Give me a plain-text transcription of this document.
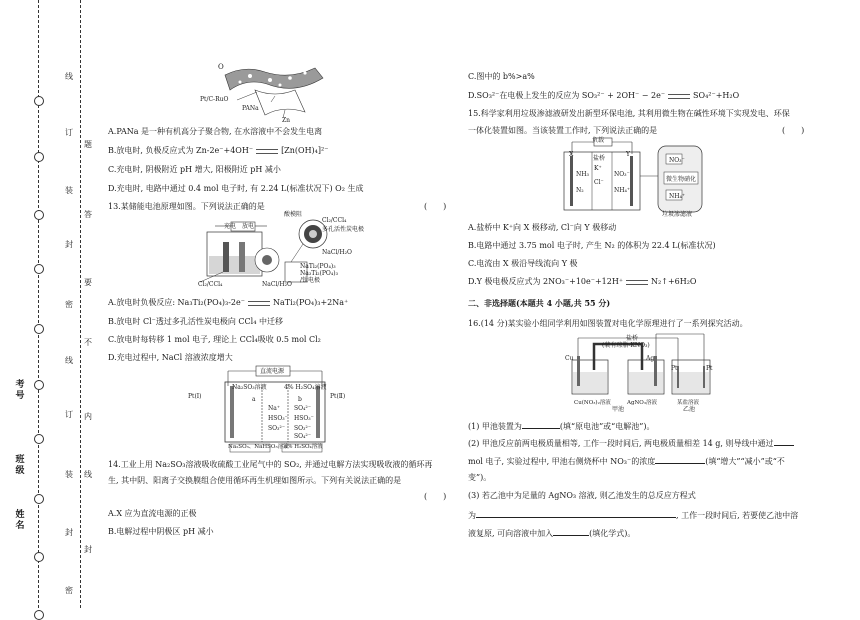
班级
姓名
考号
线
订
装
封
密
线
订
装
封
密
题
答
要
不
内
线
封
O
Pt/C-RuO
PANa
Zn
A.PANa 是一种有机高分子聚合物, 在水溶液中不会发生电离
B.放电时, 负极反应式为 Zn-2e⁻+4OH⁻	[Zn(OH)₄]²⁻
C.充电时, 阴极附近 pH 增大, 阳极附近 pH 减小
D.充电时, 电路中通过 0.4 mol 电子时, 有 2.24 L(标准状况下) O₂ 生成
13.某储能电池原理如图。下列说法正确的是	(　　)
充电 放电
酸模阻
Cl₂/CCl₄
多孔活性炭电极
NaCl/H₂O
NaTi₂(PO₄)₃
Na₃Ti₂(PO₄)₃
/钛电极
Cl₂/CCl₄	NaCl/H₂O
A.放电时负极反应: Na₃Ti₂(PO₄)₃-2e⁻	NaTi₂(PO₄)₃+2Na⁺
B.放电时 Cl⁻透过多孔活性炭电极向 CCl₄ 中迁移
C.放电时每转移 1 mol 电子, 理论上 CCl₄吸收 0.5 mol Cl₂
D.充电过程中, NaCl 溶液浓度增大
直流电源
Na₂SO₃溶液	4% H₂SO₄溶液
Pt(Ⅰ)	Pt(Ⅱ)
a	b
Na⁺ SO₄²⁻
HSO₃⁻ HSO₃⁻
SO₃²⁻ SO₃²⁻
SO₄²⁻
Na₂SO₃、NaHSO₃溶液
a% H₂SO₄溶液
14.工业上用 Na₂SO₃溶液吸收硫酸工业尾气中的 SO₂, 并通过电解方法实现吸收液的循环再
生, 其中阴、阳离子交换膜组合使用循环再生机理如图所示。下列有关说法正确的是
(　　)
A.X 应为直流电源的正极
B.电解过程中阴极区 pH 减小
C.图中的 b%>a%
D.SO₃²⁻在电极上发生的反应为 SO₃²⁻ + 2OH⁻ − 2e⁻	SO₄²⁻+H₂O
15.科学家利用垃圾渗滤液研发出新型环保电池, 其利用微生物在碱性环境下实现发电、环保
一体化装置如图。当该装置工作时, 下列说法正确的是	(　　)
负载
盐桥
K⁺
Cl⁻
X	Y
NH₃
N₂
NO₃⁻
NH₄⁺
NO₃⁻
微生物硝化
NH₄⁺
垃圾渗滤液
A.盐桥中 K⁺向 X 极移动, Cl⁻向 Y 极移动
B.电路中通过 3.75 mol 电子时, 产生 N₂ 的体积为 22.4 L(标准状况)
C.电流由 X 极沿导线流向 Y 极
D.Y 极电极反应式为 2NO₃⁻+10e⁻+12H⁺	N₂↑+6H₂O
二、非选择题(本题共 4 小题,共 55 分)
16.(14 分)某实验小组同学利用如图装置对电化学原理进行了一系列探究活动。
盐桥
(装有琼脂-KNO₃)
Cu	Ag
Pt	Pt
Cu(NO₃)₂溶液	AgNO₃溶液
甲池
某盐溶液
乙池
(1) 甲池装置为	(填“原电池”或“电解池”)。
(2) 甲池反应前两电极质量相等, 工作一段时间后, 两电极质量相差 14 g, 则导线中通过
mol 电子, 实验过程中, 甲池右侧烧杯中 NO₃⁻的浓度	(填“增大”“减小”或“不
变”)。
(3) 若乙池中为足量的 AgNO₃ 溶液, 则乙池发生的总反应方程式
为	, 工作一段时间后, 若要使乙池中溶
液复原, 可向溶液中加入	(填化学式)。
